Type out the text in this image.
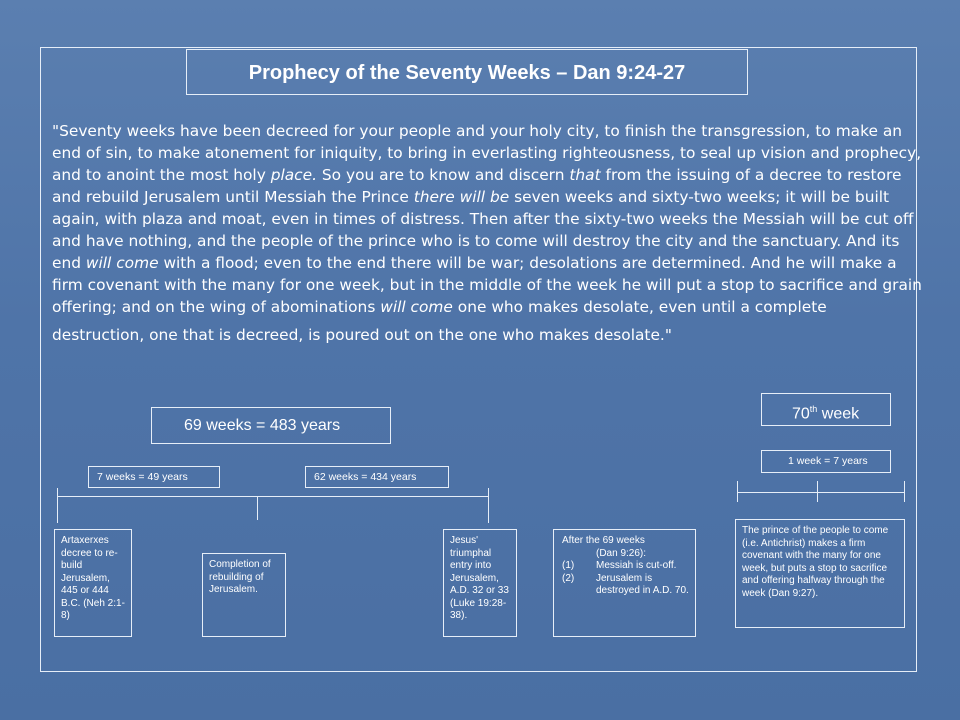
Prophecy of the Seventy Weeks – Dan 9:24-27
"Seventy weeks have been decreed for your people and your holy city, to finish the transgression, to make an end of sin, to make atonement for iniquity, to bring in everlasting righteousness, to seal up vision and prophecy, and to anoint the most holy place. So you are to know and discern that from the issuing of a decree to restore and rebuild Jerusalem until Messiah the Prince there will be seven weeks and sixty-two weeks; it will be built again, with plaza and moat, even in times of distress. Then after the sixty-two weeks the Messiah will be cut off and have nothing, and the people of the prince who is to come will destroy the city and the sanctuary. And its end will come with a flood; even to the end there will be war; desolations are determined. And he will make a firm covenant with the many for one week, but in the middle of the week he will put a stop to sacrifice and grain offering; and on the wing of abominations will come one who makes desolate, even until a complete
destruction, one that is decreed, is poured out on the one who makes desolate."
69 weeks = 483 years
70th week
7 weeks = 49 years	62 weeks = 434 years
1 week = 7 years
Artaxerxes decree to re-build Jerusalem, 445 or 444 B.C. (Neh 2:1-8)
Completion of rebuilding of Jerusalem.
Jesus' triumphal entry into Jerusalem, A.D. 32 or 33 (Luke 19:28-38).
After the 69 weeks
(Dan 9:26):
(1)	Messiah is cut-off.
(2)	Jerusalem is destroyed in A.D. 70.
The prince of the people to come (i.e. Antichrist) makes a firm covenant with the many for one week, but puts a stop to sacrifice and offering halfway through the week (Dan 9:27).
